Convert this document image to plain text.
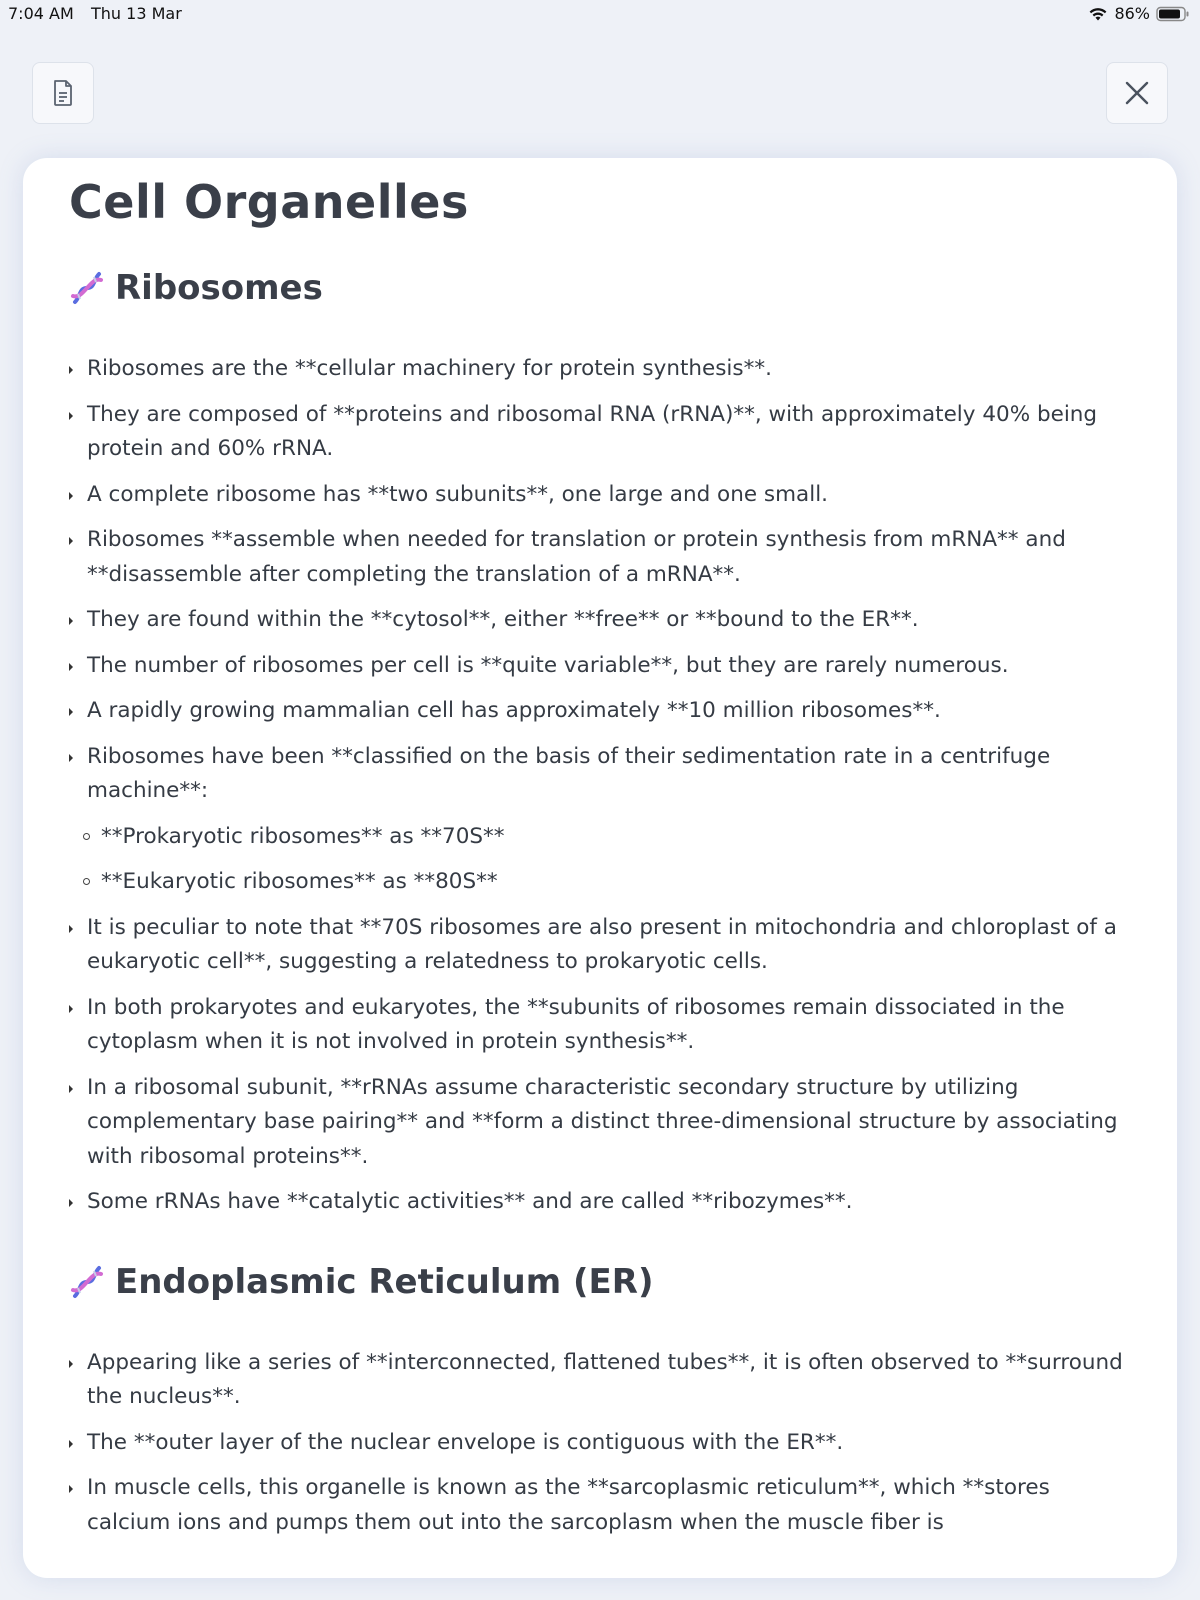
7:04 AM Thu 13 Mar	86%
Cell Organelles
Ribosomes
Ribosomes are the **cellular machinery for protein synthesis**.
They are composed of **proteins and ribosomal RNA (rRNA)**, with approximately 40% being protein and 60% rRNA.
A complete ribosome has **two subunits**, one large and one small.
Ribosomes **assemble when needed for translation or protein synthesis from mRNA** and **disassemble after completing the translation of a mRNA**.
They are found within the **cytosol**, either **free** or **bound to the ER**.
The number of ribosomes per cell is **quite variable**, but they are rarely numerous.
A rapidly growing mammalian cell has approximately **10 million ribosomes**.
Ribosomes have been **classified on the basis of their sedimentation rate in a centrifuge machine**:
**Prokaryotic ribosomes** as **70S**
**Eukaryotic ribosomes** as **80S**
It is peculiar to note that **70S ribosomes are also present in mitochondria and chloroplast of a eukaryotic cell**, suggesting a relatedness to prokaryotic cells.
In both prokaryotes and eukaryotes, the **subunits of ribosomes remain dissociated in the cytoplasm when it is not involved in protein synthesis**.
In a ribosomal subunit, **rRNAs assume characteristic secondary structure by utilizing complementary base pairing** and **form a distinct three-dimensional structure by associating with ribosomal proteins**.
Some rRNAs have **catalytic activities** and are called **ribozymes**.
Endoplasmic Reticulum (ER)
Appearing like a series of **interconnected, flattened tubes**, it is often observed to **surround the nucleus**.
The **outer layer of the nuclear envelope is contiguous with the ER**.
In muscle cells, this organelle is known as the **sarcoplasmic reticulum**, which **stores calcium ions and pumps them out into the sarcoplasm when the muscle fiber is
